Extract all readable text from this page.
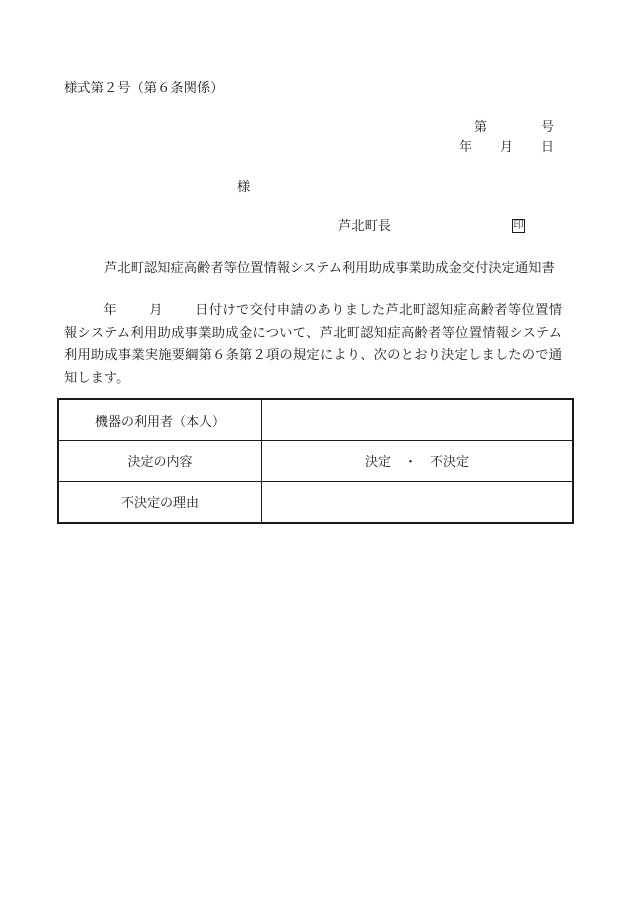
様式第２号（第６条関係）
第	号
年 月 日
様
芦北町長	印
芦北町認知症高齢者等位置情報システム利用助成事業助成金交付決定通知書
年 月 日付けで交付申請のありました芦北町認知症高齢者等位置情報システム利用助成事業助成金について、芦北町認知症高齢者等位置情報システム利用助成事業実施要綱第６条第２項の規定により、次のとおり決定しましたので通知します。
機器の利用者（本人）	
決定の内容	決定　・　不決定
不決定の理由	
